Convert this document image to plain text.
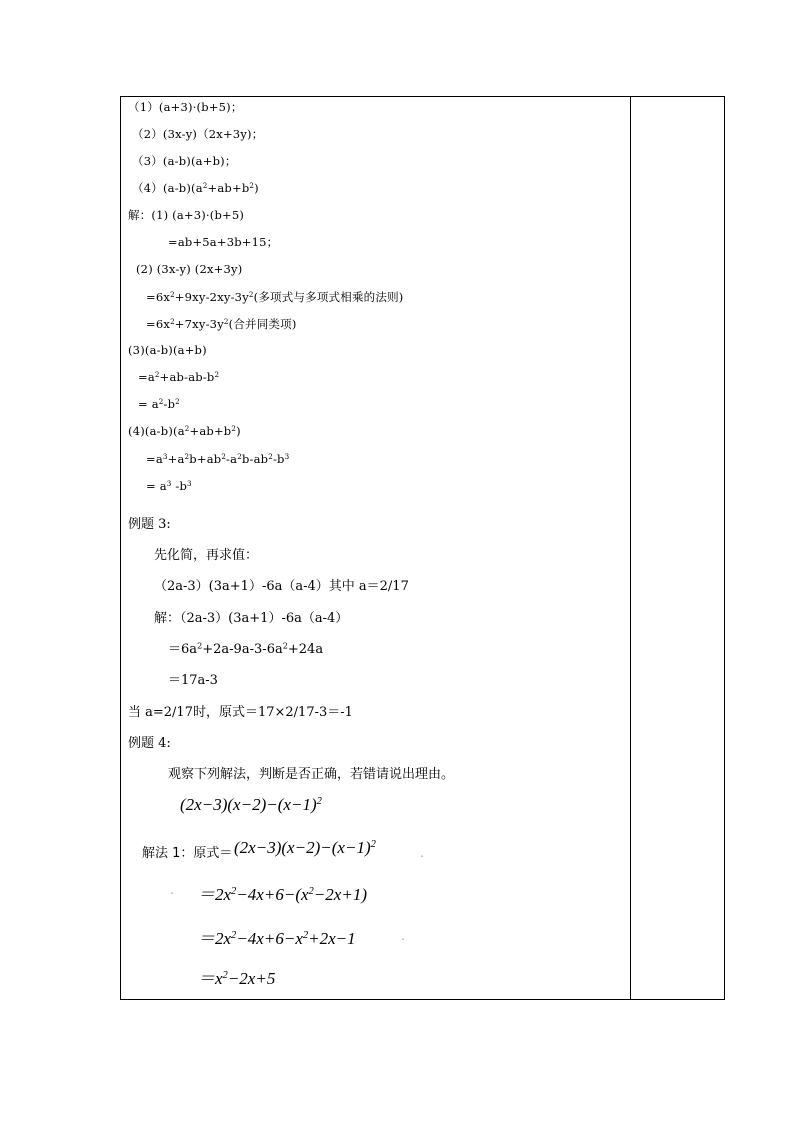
（1）(a+3)·(b+5)；
（2）(3x-y)（2x+3y)；
（3）(a-b)(a+b)；
$(4)(a-b)(a^2+ab+b^2)$
解：(1) (a+3)·(b+5)
=ab+5a+3b+15；
(2) (3x-y) (2x+3y)
$=6x^2+9xy-2xy-3y^2$(多项式与多项式相乘的法则)
$=6x^2+7xy-3y^2$(合并同类项)
(3)(a-b)(a+b)
$=a^2+ab-ab-b^2$
= $a^2-b^2$
$(4)(a-b)(a^2+ab+b^2)$
$=a^3+a^2b+ab^2-a^2b-ab^2-b^3$
= $a^3$ $-b^3$
例题 3:
先化简，再求值：
（2a-3）(3a+1）-6a（a-4）其中 a＝2/17
解：（2a-3）(3a+1）-6a（a-4）
$=6a^2+2a-9a-3-6a^2+24a$
＝17a-3
当 a=2/17时，原式＝17×2/17-3＝-1
例题 4:
观察下列解法，判断是否正确，若错请说出理由。
$(2x-3)(x-2)-(x-1)^2$
解法 1：原式＝ $(2x-3)(x-2)-(x-1)^2$
.
. $=2x^2-4x+6-(x^2-2x+1)$
$=2x^2-4x+6-x^2+2x-1$	.
$=x^2-2x+5$
